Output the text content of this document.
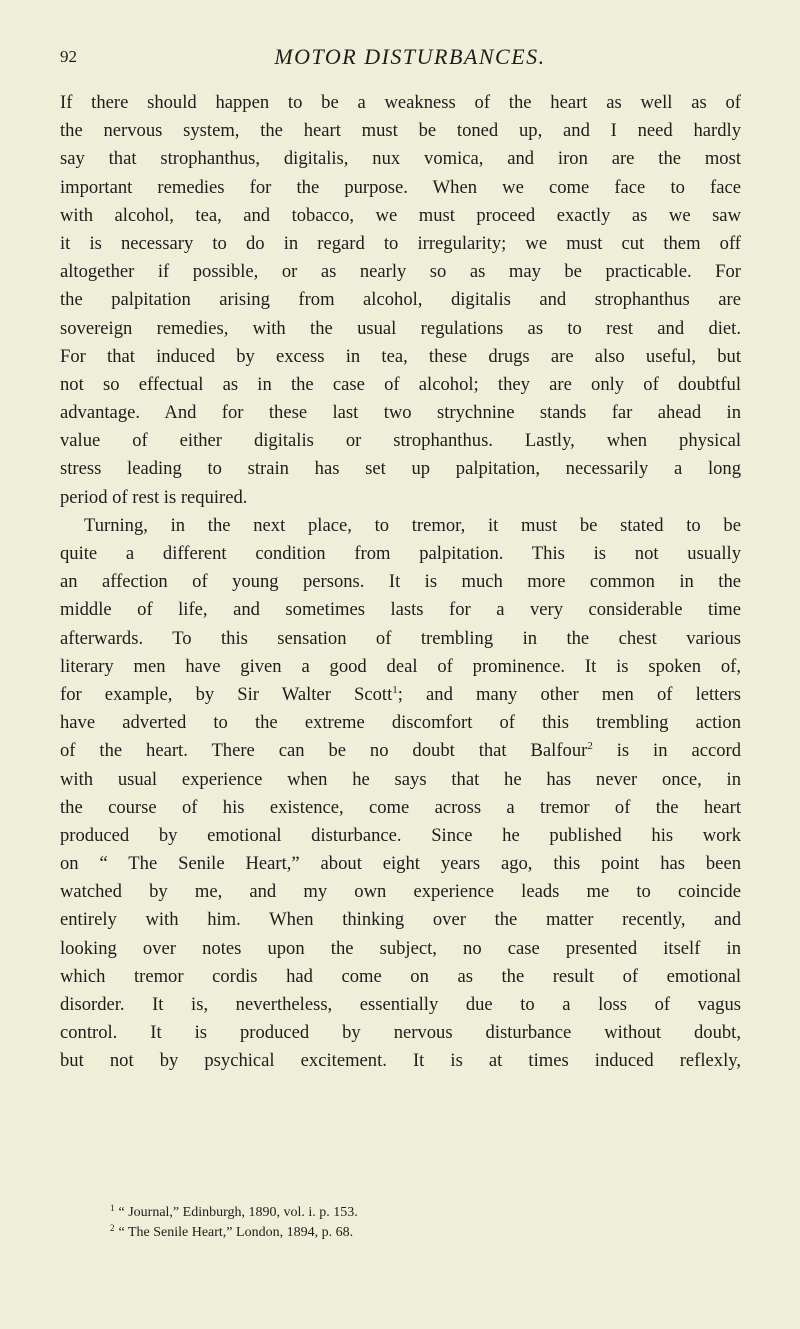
92	MOTOR DISTURBANCES.
If there should happen to be a weakness of the heart as well as of
the nervous system, the heart must be toned up, and I need hardly
say that strophanthus, digitalis, nux vomica, and iron are the most
important remedies for the purpose. When we come face to face
with alcohol, tea, and tobacco, we must proceed exactly as we saw
it is necessary to do in regard to irregularity; we must cut them off
altogether if possible, or as nearly so as may be practicable. For
the palpitation arising from alcohol, digitalis and strophanthus are
sovereign remedies, with the usual regulations as to rest and diet.
For that induced by excess in tea, these drugs are also useful, but
not so effectual as in the case of alcohol; they are only of doubtful
advantage. And for these last two strychnine stands far ahead in
value of either digitalis or strophanthus. Lastly, when physical
stress leading to strain has set up palpitation, necessarily a long
period of rest is required.
Turning, in the next place, to tremor, it must be stated to be
quite a different condition from palpitation. This is not usually
an affection of young persons. It is much more common in the
middle of life, and sometimes lasts for a very considerable time
afterwards. To this sensation of trembling in the chest various
literary men have given a good deal of prominence. It is spoken of,
for example, by Sir Walter Scott$^1$; and many other men of letters
have adverted to the extreme discomfort of this trembling action
of the heart. There can be no doubt that Balfour$^2$ is in accord
with usual experience when he says that he has never once, in
the course of his existence, come across a tremor of the heart
produced by emotional disturbance. Since he published his work
on “ The Senile Heart,” about eight years ago, this point has been
watched by me, and my own experience leads me to coincide
entirely with him. When thinking over the matter recently, and
looking over notes upon the subject, no case presented itself in
which tremor cordis had come on as the result of emotional
disorder. It is, nevertheless, essentially due to a loss of vagus
control. It is produced by nervous disturbance without doubt,
but not by psychical excitement. It is at times induced reflexly,
$^1$ “ Journal,” Edinburgh, 1890, vol. i. p. 153.
$^2$ “ The Senile Heart,” London, 1894, p. 68.
